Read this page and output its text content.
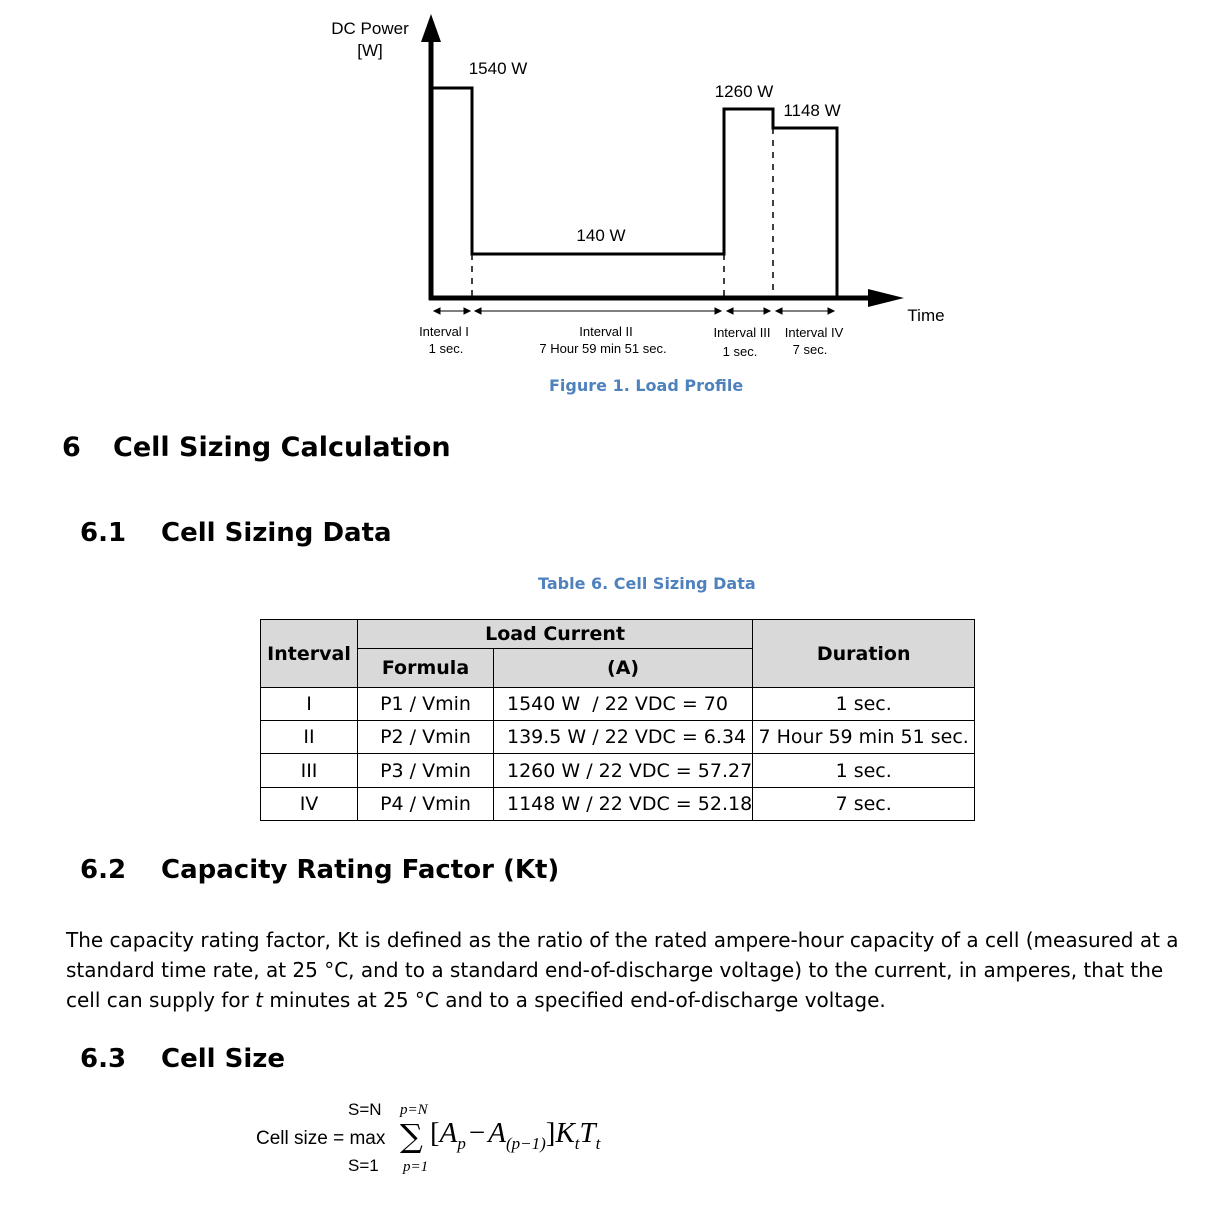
DC Power
[W]
Time
1540 W
140 W
1260 W
1148 W
Interval I
1 sec.
Interval II
7 Hour 59 min 51 sec.
Interval III
1 sec.
Interval IV
7 sec.
Figure 1. Load Profile
6 Cell Sizing Calculation
6.1 Cell Sizing Data
Table 6. Cell Sizing Data
Interval	Load Current		Duration
	Formula	(A)	
I	P1 / Vmin	1540 W  / 22 VDC = 70	1 sec.
II	P2 / Vmin	139.5 W / 22 VDC = 6.34	7 Hour 59 min 51 sec.
III	P3 / Vmin	1260 W / 22 VDC = 57.27	1 sec.
IV	P4 / Vmin	1148 W / 22 VDC = 52.18	7 sec.
6.2 Capacity Rating Factor (Kt)
The capacity rating factor, Kt is defined as the ratio of the rated ampere-hour capacity of a cell (measured at a standard time rate, at 25 °C, and to a standard end-of-discharge voltage) to the current, in amperes, that the cell can supply for t minutes at 25 °C and to a specified end-of-discharge voltage.
6.3 Cell Size
S=N
Cell size = max
S=1
p=N
∑
p=1
$[A_p - A_{(p-1)}]K_tT_t$
